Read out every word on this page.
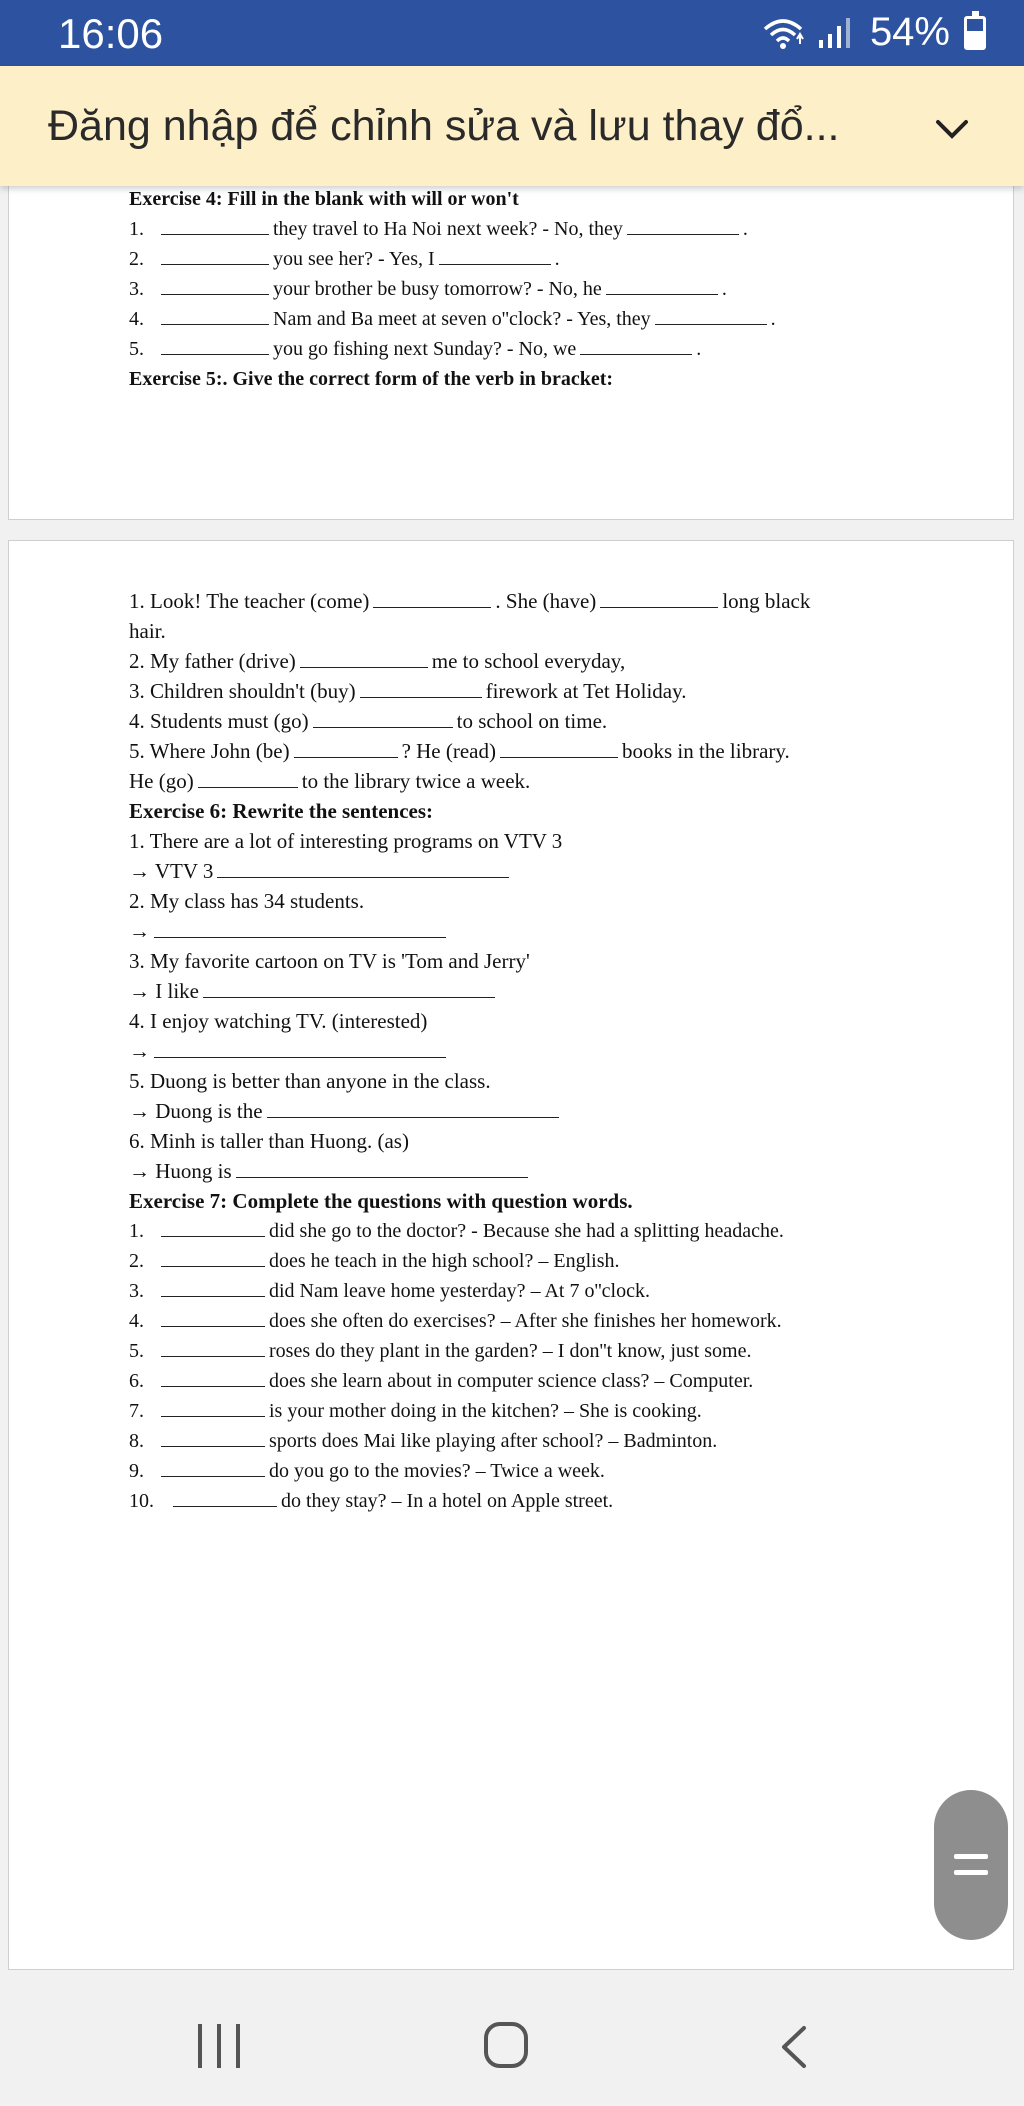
16:06	54%
Đăng nhập để chỉnh sửa và lưu thay đổ...
Exercise 4: Fill in the blank with will or won't
1.	they travel to Ha Noi next week? - No, they	.
2.	you see her? - Yes, I	.
3.	your brother be busy tomorrow? - No, he	.
4.	Nam and Ba meet at seven o''clock? - Yes, they	.
5.	you go fishing next Sunday? - No, we	.
Exercise 5:. Give the correct form of the verb in bracket:
1. Look! The teacher (come)	. She (have)	long black
hair.
2. My father (drive)	me to school everyday,
3. Children shouldn't (buy)	firework at Tet Holiday.
4. Students must (go)	to school on time.
5. Where John (be)	? He (read)	books in the library.
He (go)	to the library twice a week.
Exercise 6: Rewrite the sentences:
1. There are a lot of interesting programs on VTV 3
→ VTV 3
2. My class has 34 students.
→
3. My favorite cartoon on TV is 'Tom and Jerry'
→ I like
4. I enjoy watching TV. (interested)
→
5. Duong is better than anyone in the class.
→ Duong is the
6. Minh is taller than Huong. (as)
→ Huong is
Exercise 7: Complete the questions with question words.
1.	did she go to the doctor? - Because she had a splitting headache.
2.	does he teach in the high school? – English.
3.	did Nam leave home yesterday? – At 7 o''clock.
4.	does she often do exercises? – After she finishes her homework.
5.	roses do they plant in the garden? – I don''t know, just some.
6.	does she learn about in computer science class? – Computer.
7.	is your mother doing in the kitchen? – She is cooking.
8.	sports does Mai like playing after school? – Badminton.
9.	do you go to the movies? – Twice a week.
10.	do they stay? – In a hotel on Apple street.
